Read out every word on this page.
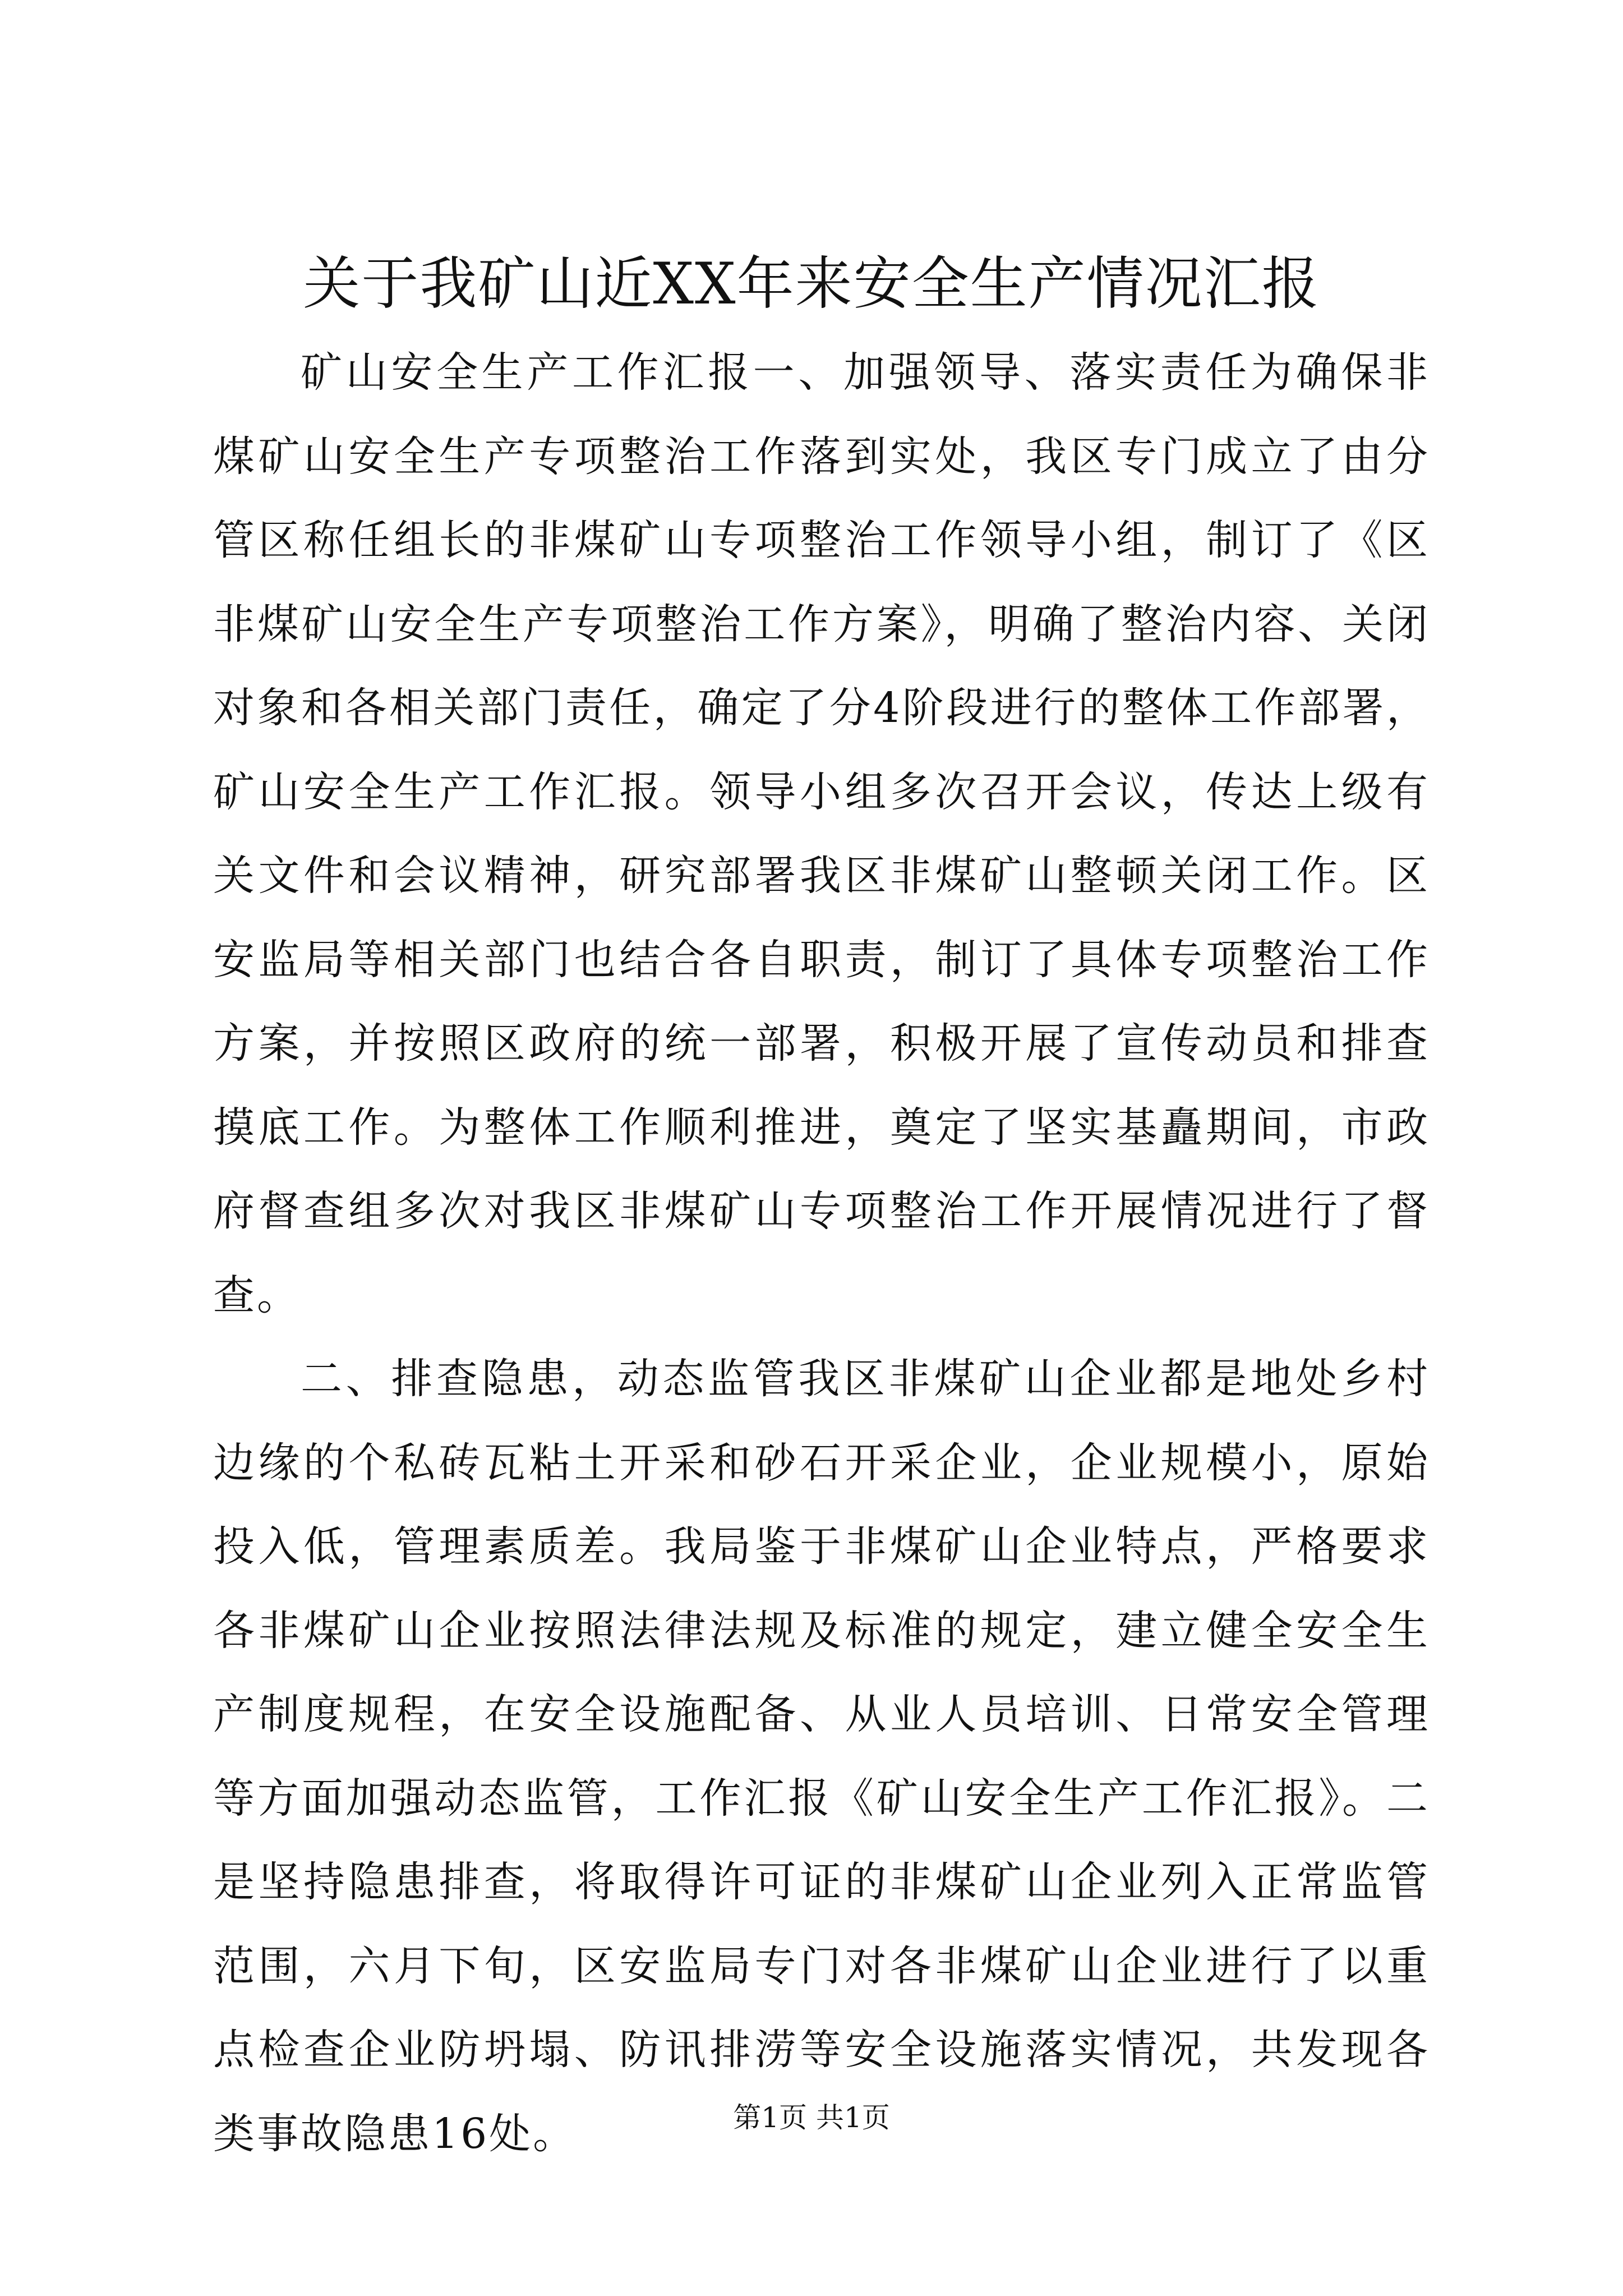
关于我矿山近XX年来安全生产情况汇报

矿山安全生产工作汇报一、加强领导、落实责任为确保非煤矿山安全生产专项整治工作落到实处，我区专门成立了由分管区称任组长的非煤矿山专项整治工作领导小组，制订了《区非煤矿山安全生产专项整治工作方案》，明确了整治内容、关闭对象和各相关部门责任，确定了分4阶段进行的整体工作部署，矿山安全生产工作汇报。领导小组多次召开会议，传达上级有关文件和会议精神，研究部署我区非煤矿山整顿关闭工作。区安监局等相关部门也结合各自职责，制订了具体专项整治工作方案，并按照区政府的统一部署，积极开展了宣传动员和排查摸底工作。为整体工作顺利推进，奠定了坚实基矗期间，市政府督查组多次对我区非煤矿山专项整治工作开展情况进行了督查。

二、排查隐患，动态监管我区非煤矿山企业都是地处乡村边缘的个私砖瓦粘土开采和砂石开采企业，企业规模小，原始投入低，管理素质差。我局鉴于非煤矿山企业特点，严格要求各非煤矿山企业按照法律法规及标准的规定，建立健全安全生产制度规程，在安全设施配备、从业人员培训、日常安全管理等方面加强动态监管，工作汇报《矿山安全生产工作汇报》。二是坚持隐患排查，将取得许可证的非煤矿山企业列入正常监管范围，六月下旬，区安监局专门对各非煤矿山企业进行了以重点检查企业防坍塌、防讯排涝等安全设施落实情况，共发现各类事故隐患16处。	第1页 共1页
